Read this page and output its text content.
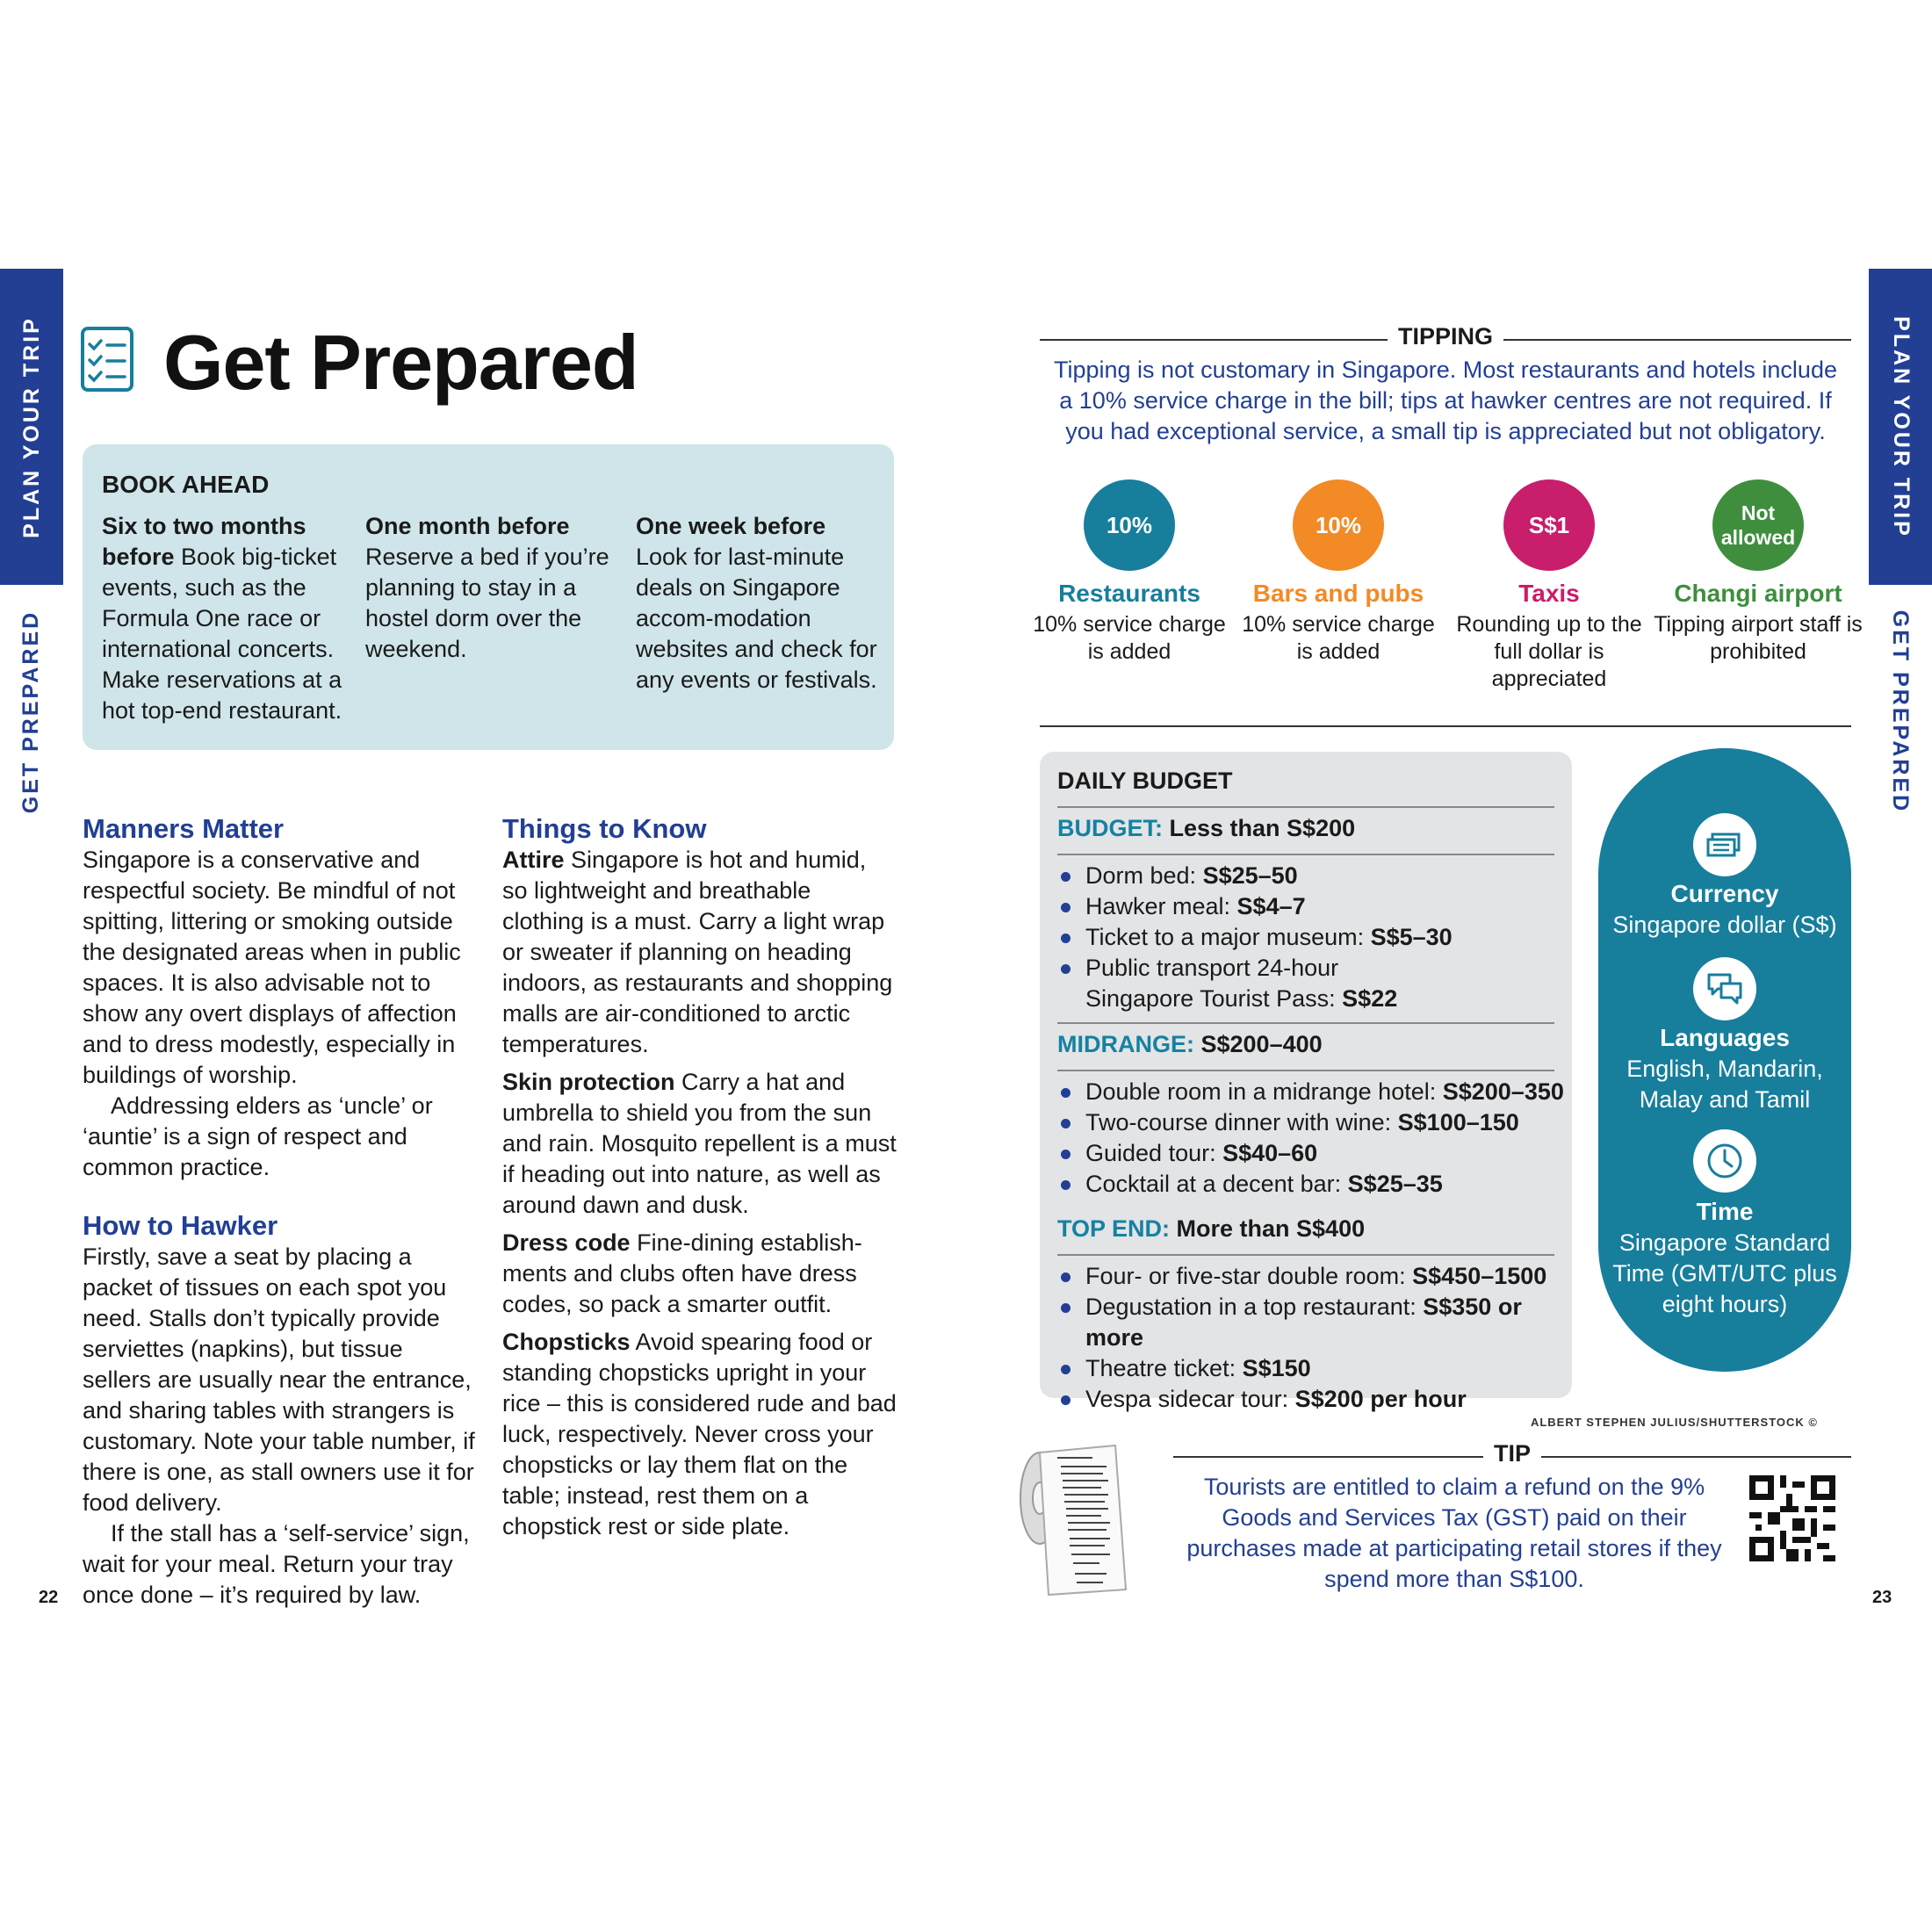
PLAN YOUR TRIP
GET PREPARED
PLAN YOUR TRIP
GET PREPARED
Get Prepared
BOOK AHEAD
Six to two months before Book big-ticket events, such as the Formula One race or international concerts. Make reservations at a hot top-end restaurant.
One month before Reserve a bed if you’re planning to stay in a hostel dorm over the weekend.
One week before Look for last-minute deals on Singapore accom-modation websites and check for any events or festivals.
Manners Matter

Singapore is a conservative and respectful society. Be mindful of not spitting, littering or smoking outside the designated areas when in public spaces. It is also advisable not to show any overt displays of affection and to dress modestly, especially in buildings of worship.

Addressing elders as ‘uncle’ or ‘auntie’ is a sign of respect and common practice.

How to Hawker

Firstly, save a seat by placing a packet of tissues on each spot you need. Stalls don’t typically provide serviettes (napkins), but tissue sellers are usually near the entrance, and sharing tables with strangers is customary. Note your table number, if there is one, as stall owners use it for food delivery.

If the stall has a ‘self-service’ sign, wait for your meal. Return your tray once done – it’s required by law.

Things to Know

Attire Singapore is hot and humid, so lightweight and breathable clothing is a must. Carry a light wrap or sweater if planning on heading indoors, as restaurants and shopping malls are air-conditioned to arctic temperatures.

Skin protection Carry a hat and umbrella to shield you from the sun and rain. Mosquito repellent is a must if heading out into nature, as well as around dawn and dusk.

Dress code Fine-dining establish-ments and clubs often have dress codes, so pack a smarter outfit.

Chopsticks Avoid spearing food or standing chopsticks upright in your rice – this is considered rude and bad luck, respectively. Never cross your chopsticks or lay them flat on the table; instead, rest them on a chopstick rest or side plate.

TIPPING
Tipping is not customary in Singapore. Most restaurants and hotels include a 10% service charge in the bill; tips at hawker centres are not required. If you had exceptional service, a small tip is appreciated but not obligatory.
10%	10%	S$1	Not allowed
Restaurants
10% service charge is added
Bars and pubs
10% service charge is added
Taxis
Rounding up to the full dollar is appreciated
Changi airport
Tipping airport staff is prohibited
DAILY BUDGET
BUDGET: Less than S$200
Dorm bed: S$25–50
Hawker meal: S$4–7
Ticket to a major museum: S$5–30
Public transport 24-hour Singapore Tourist Pass: S$22
MIDRANGE: S$200–400
Double room in a midrange hotel: S$200–350
Two-course dinner with wine: S$100–150
Guided tour: S$40–60
Cocktail at a decent bar: S$25–35
TOP END: More than S$400
Four- or five-star double room: S$450–1500
Degustation in a top restaurant: S$350 or more
Theatre ticket: S$150
Vespa sidecar tour: S$200 per hour
Currency
Singapore dollar (S$)
Languages
English, Mandarin, Malay and Tamil
Time
Singapore Standard Time (GMT/UTC plus eight hours)
ALBERT STEPHEN JULIUS/SHUTTERSTOCK ©
TIP
Tourists are entitled to claim a refund on the 9% Goods and Services Tax (GST) paid on their purchases made at participating retail stores if they spend more than S$100.
22	23
